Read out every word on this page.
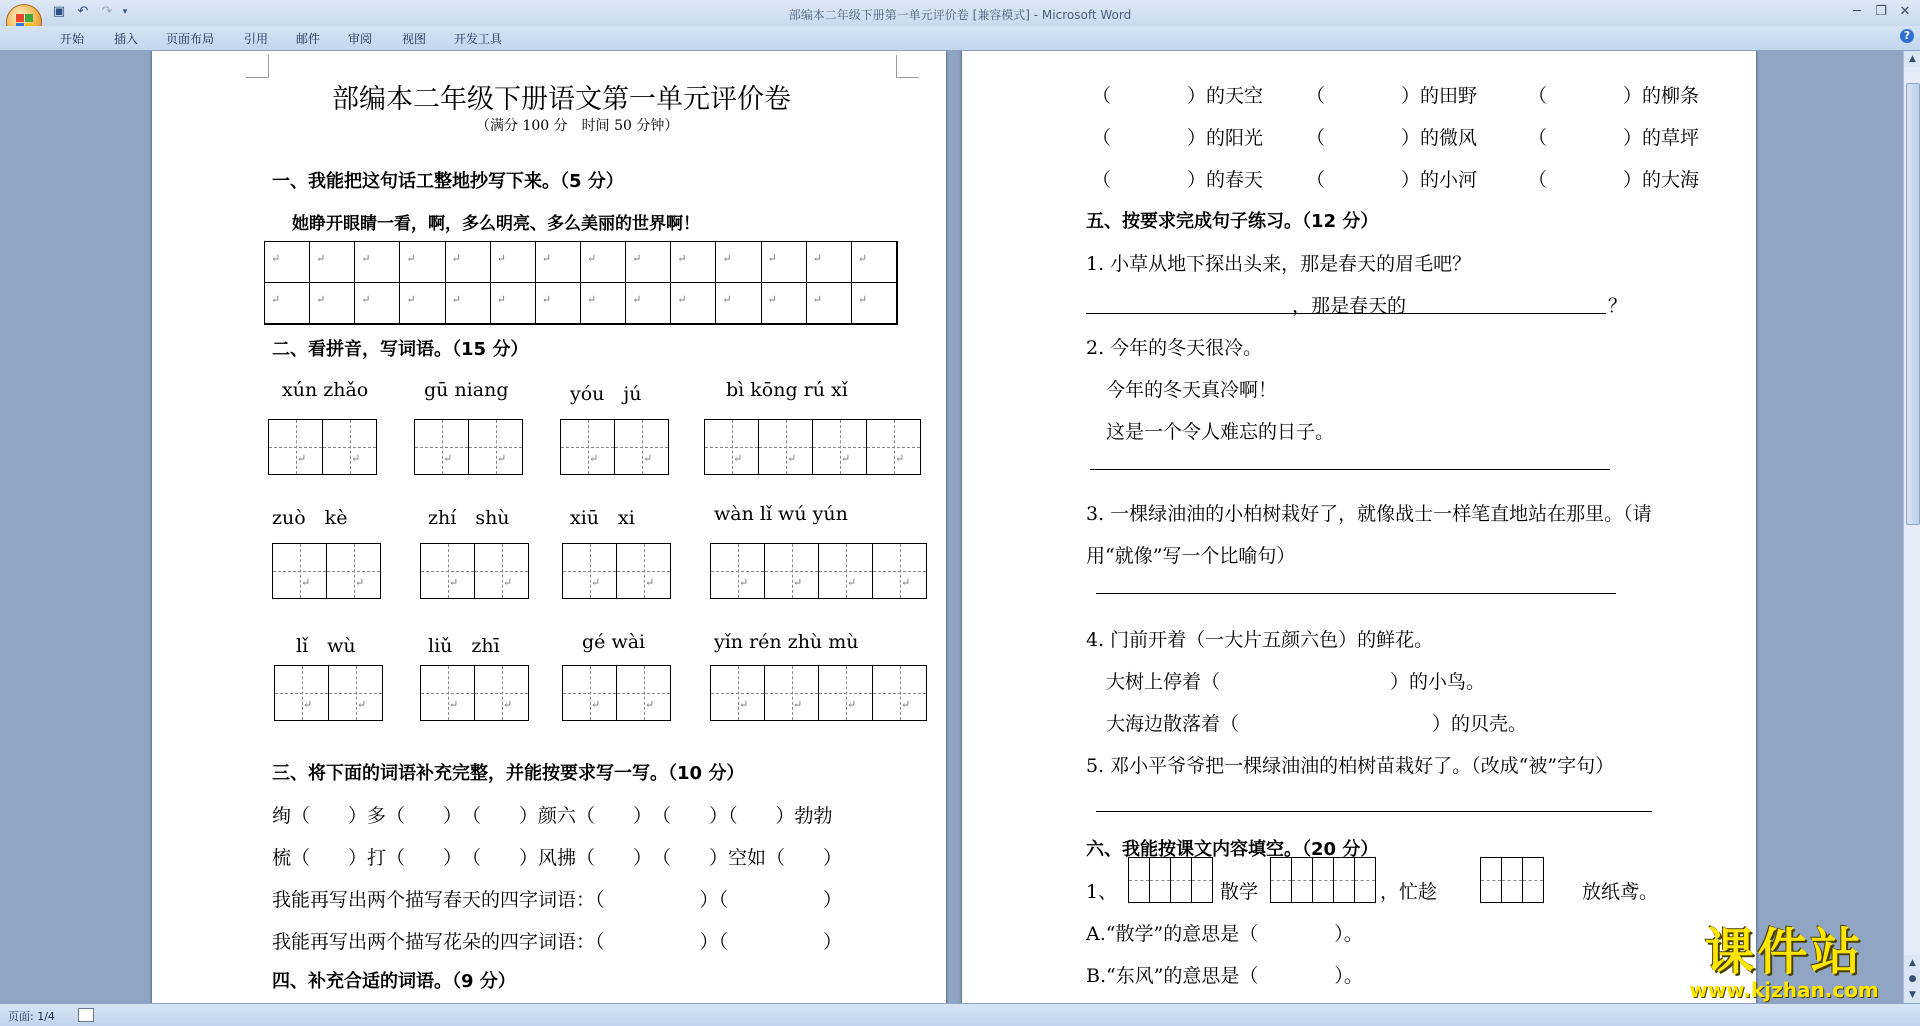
▣ ↶ ↷	▾	部编本二年级下册第一单元评价卷 [兼容模式] - Microsoft Word	─	❐ ✕
开始 插入 页面布局 引用 邮件 审阅 视图 开发工具	?
部编本二年级下册语文第一单元评价卷
（满分 100 分　时间 50 分钟）
一、我能把这句话工整地抄写下来。（5 分）
她睁开眼睛一看，啊，多么明亮、多么美丽的世界啊！
↵	↵	↵	↵	↵	↵	↵	↵	↵	↵	↵	↵	↵	↵
↵	↵	↵	↵	↵	↵	↵	↵	↵	↵	↵	↵	↵	↵
二、看拼音，写词语。（15 分）
xún zhǎo	gū niang	yóu　jú	bì kōng rú xǐ
↵	↵	↵	↵	↵	↵	↵	↵	↵	↵
zuò　kè	zhí　shù	xiū　xi	wàn lǐ wú yún
↵	↵	↵	↵	↵	↵	↵	↵	↵	↵
lǐ　wù	liǔ　zhī	gé wài	yǐn rén zhù mù
↵	↵	↵	↵	↵	↵	↵	↵	↵	↵
三、将下面的词语补充完整，并能按要求写一写。（10 分）
绚（　　）多（　　）　（　　）颜六（　　）　（　　）（　　）勃勃
梳（　　）打（　　）　（　　）风拂（　　）　（　　）空如（　　）
我能再写出两个描写春天的四字词语：（　　　　　）（　　　　　）
我能再写出两个描写花朵的四字词语：（　　　　　）（　　　　　）
四、补充合适的词语。（9 分）
（　　　　）的天空 （　　　　）的田野	（　　　　）的柳条
（　　　　）的阳光 （　　　　）的微风	（　　　　）的草坪
（　　　　）的春天 （　　　　）的小河	（　　　　）的大海
五、按要求完成句子练习。（12 分）
1. 小草从地下探出头来，那是春天的眉毛吧？
，那是春天的	？
2. 今年的冬天很冷。
今年的冬天真冷啊！
这是一个令人难忘的日子。
3. 一棵绿油油的小柏树栽好了，就像战士一样笔直地站在那里。（请
用“就像”写一个比喻句）
4. 门前开着（一大片五颜六色）的鲜花。
大树上停着（	）的小鸟。
大海边散落着（	）的贝壳。
5. 邓小平爷爷把一棵绿油油的柏树苗栽好了。（改成“被”字句）
六、我能按课文内容填空。（20 分）
1、	散学	，忙趁	放纸鸢。
A.“散学”的意思是（　　　　）。
B.“东风”的意思是（　　　　）。
▲
▲
●
▼
课件站
www.kjzhan.com
页面: 1/4
